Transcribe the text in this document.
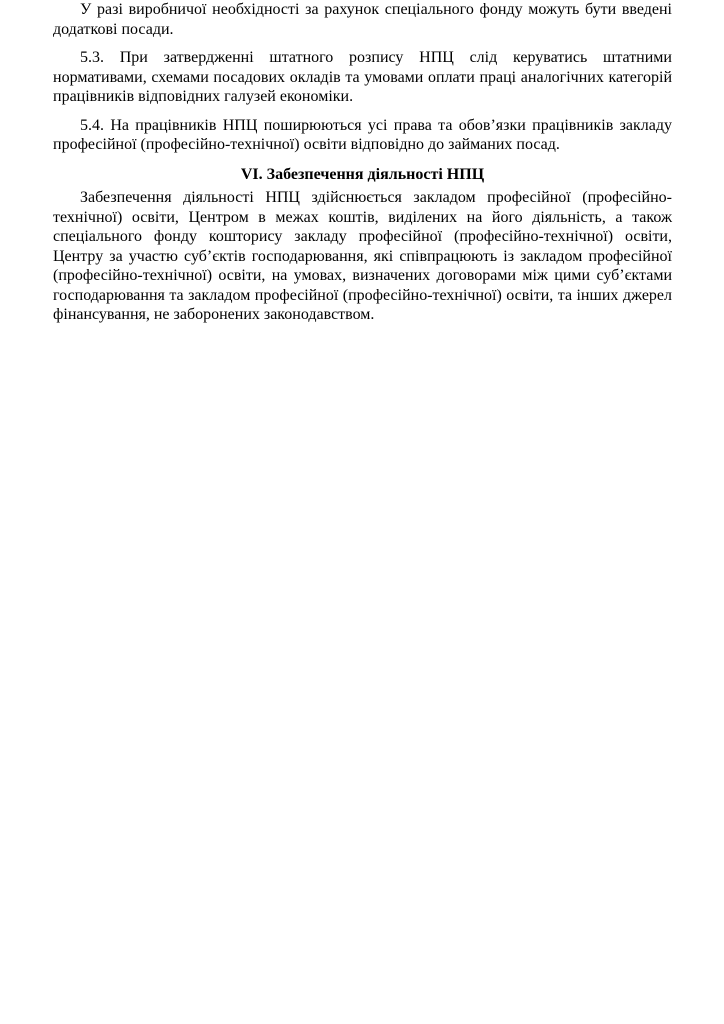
У разі виробничої необхідності за рахунок спеціального фонду можуть бути введені додаткові посади.

5.3. При затвердженні штатного розпису НПЦ слід керуватись штатними нормативами, схемами посадових окладів та умовами оплати праці аналогічних категорій працівників відповідних галузей економіки.

5.4. На працівників НПЦ поширюються усі права та обов’язки працівників закладу професійної (професійно-технічної) освіти відповідно до займаних посад.

VI. Забезпечення діяльності НПЦ

Забезпечення діяльності НПЦ здійснюється закладом професійної (професійно-технічної) освіти, Центром в межах коштів, виділених на його діяльність, а також спеціального фонду кошторису закладу професійної (професійно-технічної) освіти, Центру за участю суб’єктів господарювання, які співпрацюють із закладом професійної (професійно-технічної) освіти, на умовах, визначених договорами між цими суб’єктами господарювання та закладом професійної (професійно-технічної) освіти, та інших джерел фінансування, не заборонених законодавством.
